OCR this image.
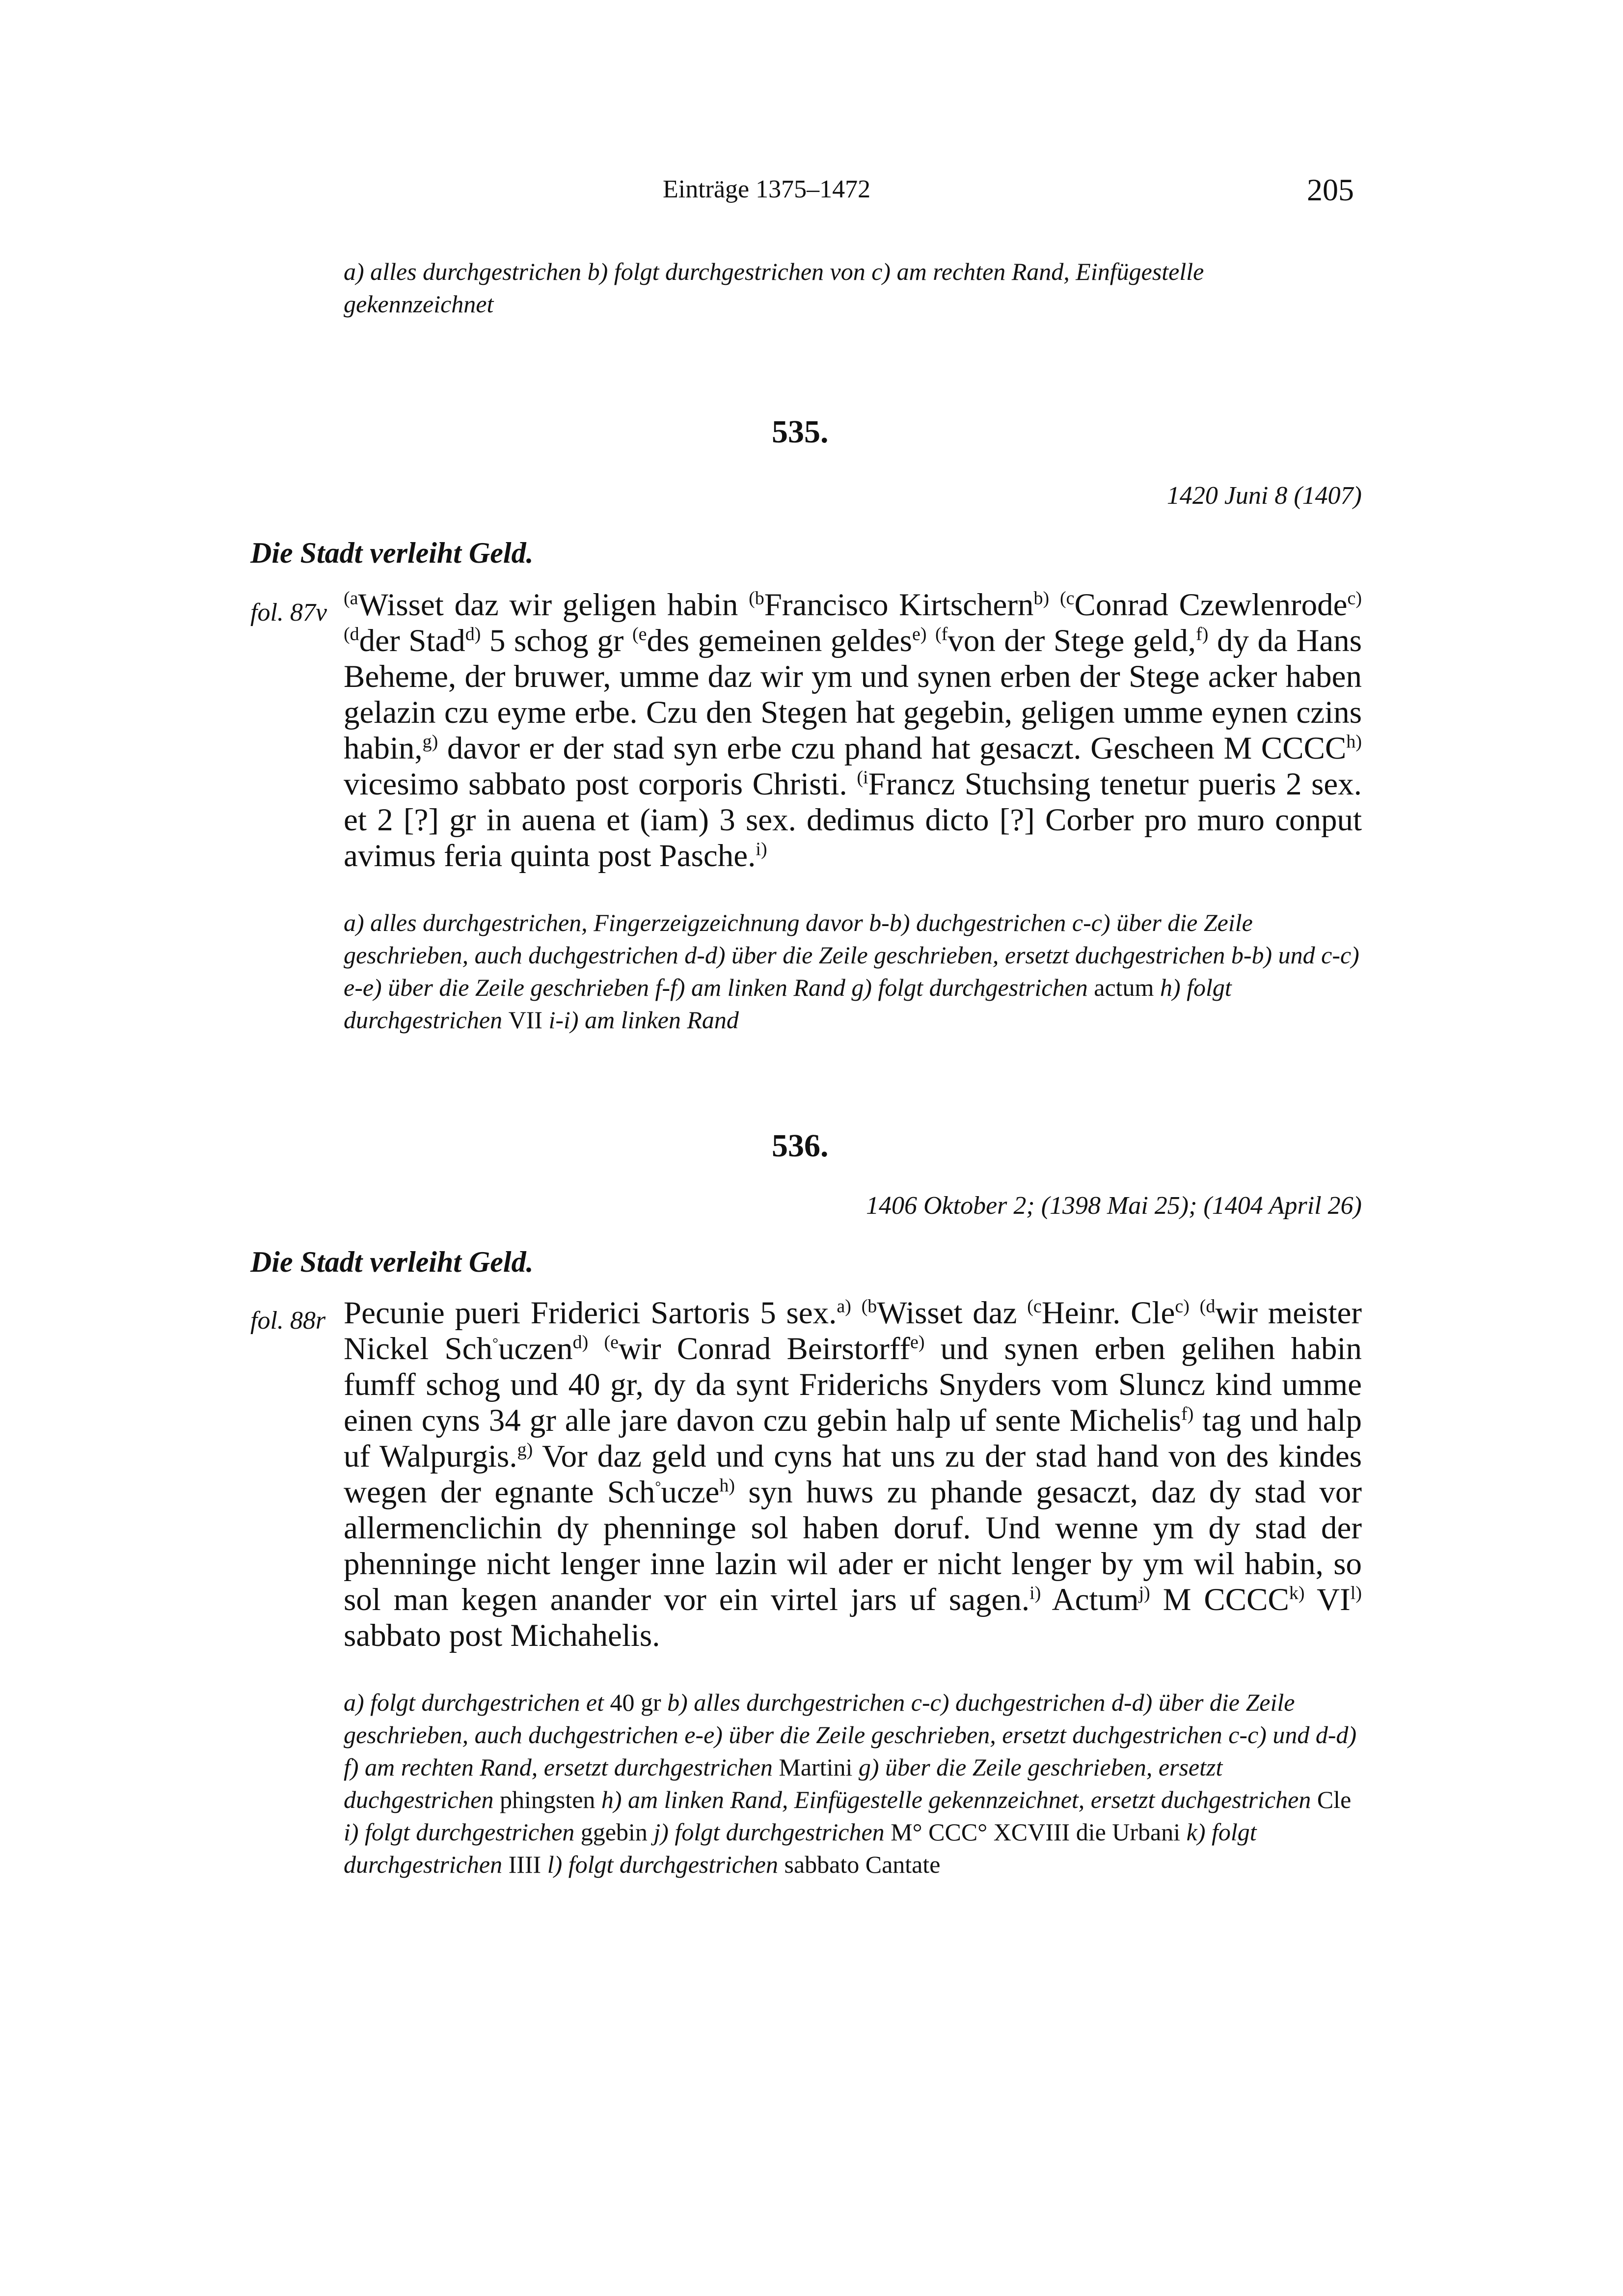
Einträge 1375–1472	205
a) alles durchgestrichen b) folgt durchgestrichen von c) am rechten Rand, Einfügestelle
gekennzeichnet
535.
1420 Juni 8 (1407)
Die Stadt verleiht Geld.
fol. 87v
$^{(a}$Wisset daz wir geligen habin $^{(b}$Francisco Kirtschern$^{b)}$ $^{(c}$Conrad Czewlenrode$^{c)}$ $^{(d}$der Stad$^{d)}$ 5 schog gr $^{(e}$des gemeinen geldes$^{e)}$ $^{(f}$von der Stege geld,$^{f)}$ dy da Hans Beheme, der bruwer, umme daz wir ym und synen erben der Stege acker haben gelazin czu eyme erbe. Czu den Stegen hat gegebin, geligen umme eynen czins habin,$^{g)}$ davor er der stad syn erbe czu phand hat gesaczt. Gescheen M CCCC$^{h)}$ vicesimo sabbato post corporis Christi. $^{(i}$Francz Stuchsing tenetur pueris 2 sex. et 2 [?] gr in auena et (iam) 3 sex. dedimus dicto [?] Corber pro muro conput avimus feria quinta post Pasche.$^{i)}$
a) alles durchgestrichen, Fingerzeigzeichnung davor b-b) duchgestrichen c-c) über die Zeile geschrieben, auch duchgestrichen d-d) über die Zeile geschrieben, ersetzt duchgestrichen b-b) und c-c) e-e) über die Zeile geschrieben f-f) am linken Rand g) folgt durchgestrichen actum h) folgt durchgestrichen VII i-i) am linken Rand
536.
1406 Oktober 2; (1398 Mai 25); (1404 April 26)
Die Stadt verleiht Geld.
fol. 88r Pecunie pueri Friderici Sartoris 5 sex.$^{a)}$ $^{(b}$Wisset daz $^{(c}$Heinr. Cle$^{c)}$ $^{(d}$wir meister Nickel Sch°uczen$^{d)}$ $^{(e}$wir Conrad Beirstorff$^{e)}$ und synen erben gelihen habin fumff schog und 40 gr, dy da synt Friderichs Snyders vom Sluncz kind umme einen cyns 34 gr alle jare davon czu gebin halp uf sente Michelis$^{f)}$ tag und halp uf Walpurgis.$^{g)}$ Vor daz geld und cyns hat uns zu der stad hand von des kindes wegen der egnante Sch°ucze$^{h)}$ syn huws zu phande gesaczt, daz dy stad vor allermenclichin dy phenninge sol haben doruf. Und wenne ym dy stad der phenninge nicht lenger inne lazin wil ader er nicht lenger by ym wil habin, so sol man kegen anander vor ein virtel jars uf sagen.$^{i)}$ Actum$^{j)}$ M CCCC$^{k)}$ VI$^{l)}$ sabbato post Michahelis.
a) folgt durchgestrichen et 40 gr b) alles durchgestrichen c-c) duchgestrichen d-d) über die Zeile geschrieben, auch duchgestrichen e-e) über die Zeile geschrieben, ersetzt duchgestrichen c-c) und d-d) f) am rechten Rand, ersetzt durchgestrichen Martini g) über die Zeile geschrieben, ersetzt duchgestrichen phingsten h) am linken Rand, Einfügestelle gekennzeichnet, ersetzt duchgestrichen Cle i) folgt durchgestrichen ggebin j) folgt durchgestrichen M° CCC° XCVIII die Urbani k) folgt durchgestrichen IIII l) folgt durchgestrichen sabbato Cantate
